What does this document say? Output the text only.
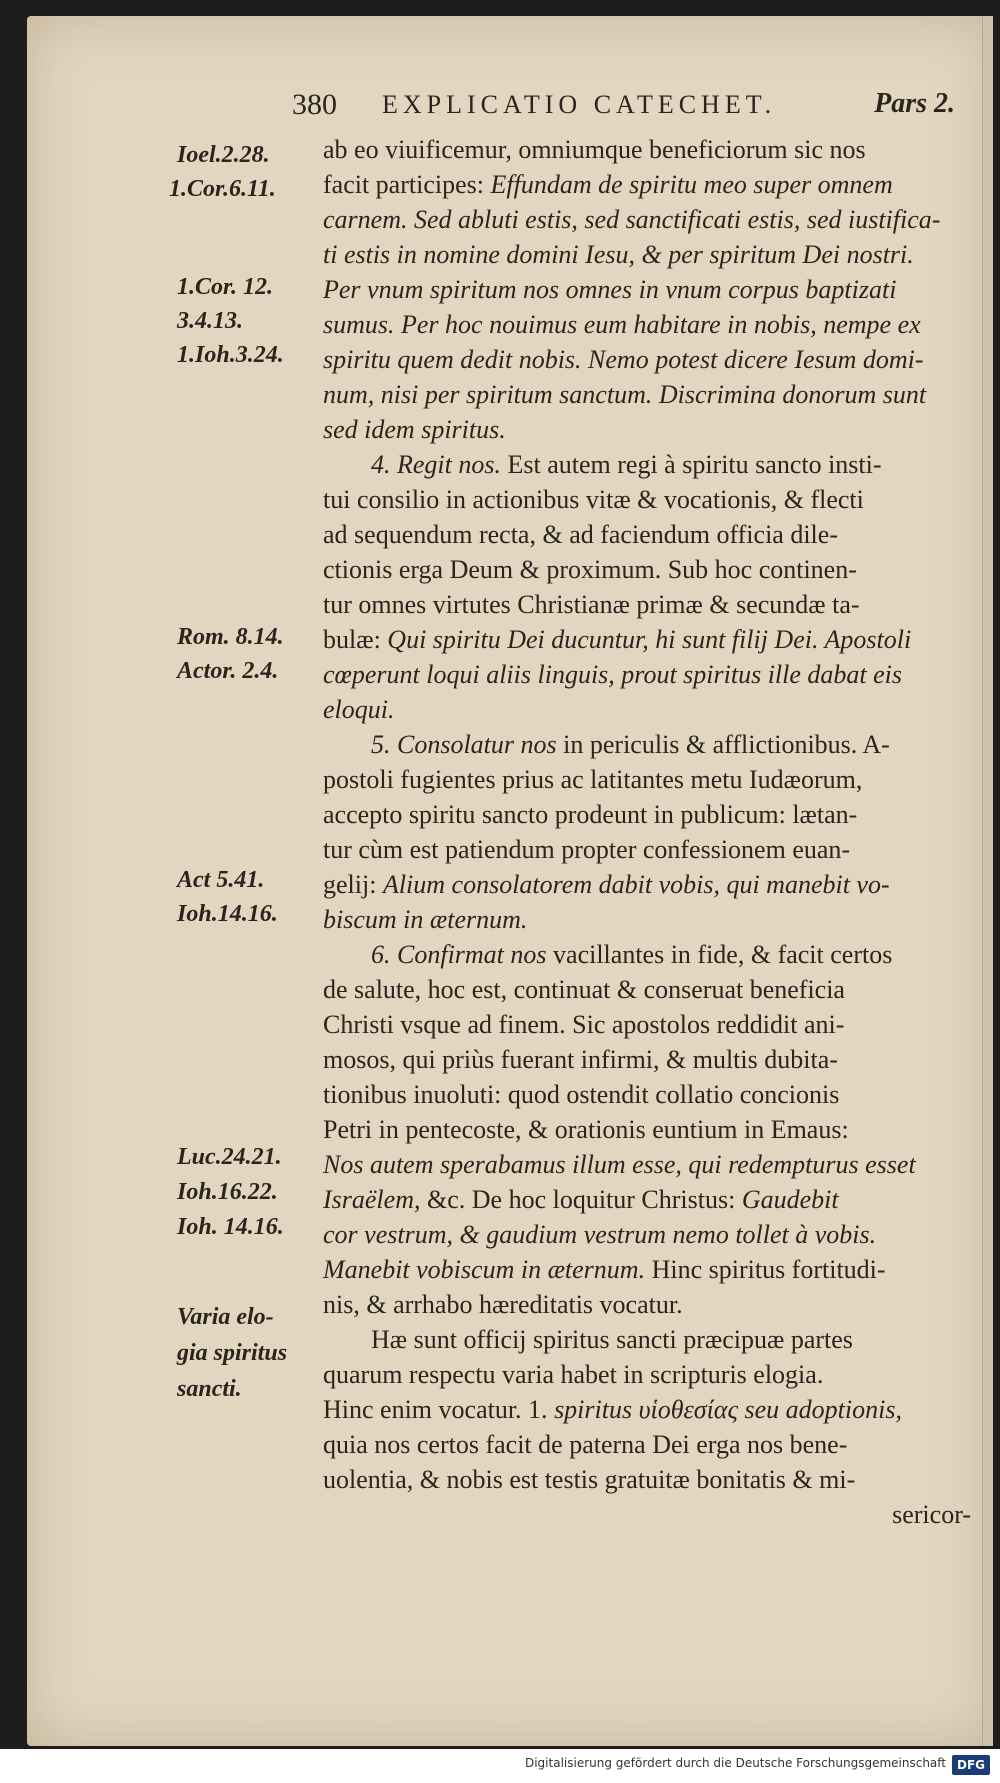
380 EXPLICATIO CATECHET.	Pars 2.
Ioel.2.28.
1.Cor.6.11.
1.Cor. 12.
3.4.13.
1.Ioh.3.24.
Rom. 8.14.
Actor. 2.4.
Act 5.41.
Ioh.14.16.
Luc.24.21.
Ioh.16.22.
Ioh. 14.16.
Varia elo-
gia spiritus
sancti.
ab eo viuificemur, omniumque beneficiorum sic nos
facit participes: Effundam de spiritu meo super omnem
carnem. Sed abluti estis, sed sanctificati estis, sed iustifica-
ti estis in nomine domini Iesu, & per spiritum Dei nostri.
Per vnum spiritum nos omnes in vnum corpus baptizati
sumus. Per hoc nouimus eum habitare in nobis, nempe ex
spiritu quem dedit nobis. Nemo potest dicere Iesum domi-
num, nisi per spiritum sanctum. Discrimina donorum sunt
sed idem spiritus.
4. Regit nos. Est autem regi à spiritu sancto insti-
tui consilio in actionibus vitæ & vocationis, & flecti
ad sequendum recta, & ad faciendum officia dile-
ctionis erga Deum & proximum. Sub hoc continen-
tur omnes virtutes Christianæ primæ & secundæ ta-
bulæ: Qui spiritu Dei ducuntur, hi sunt filij Dei. Apostoli
cœperunt loqui aliis linguis, prout spiritus ille dabat eis
eloqui.
5. Consolatur nos in periculis & afflictionibus. A-
postoli fugientes prius ac latitantes metu Iudæorum,
accepto spiritu sancto prodeunt in publicum: lætan-
tur cùm est patiendum propter confessionem euan-
gelij: Alium consolatorem dabit vobis, qui manebit vo-
biscum in æternum.
6. Confirmat nos vacillantes in fide, & facit certos
de salute, hoc est, continuat & conseruat beneficia
Christi vsque ad finem. Sic apostolos reddidit ani-
mosos, qui priùs fuerant infirmi, & multis dubita-
tionibus inuoluti: quod ostendit collatio concionis
Petri in pentecoste, & orationis euntium in Emaus:
Nos autem sperabamus illum esse, qui redempturus esset
Israëlem, &c. De hoc loquitur Christus: Gaudebit
cor vestrum, & gaudium vestrum nemo tollet à vobis.
Manebit vobiscum in æternum. Hinc spiritus fortitudi-
nis, & arrhabo hæreditatis vocatur.
Hæ sunt officij spiritus sancti præcipuæ partes
quarum respectu varia habet in scripturis elogia.
Hinc enim vocatur. 1. spiritus υἱοθεσίας seu adoptionis,
quia nos certos facit de paterna Dei erga nos bene-
uolentia, & nobis est testis gratuitæ bonitatis & mi-
sericor-
Digitalisierung gefördert durch die Deutsche Forschungsgemeinschaft DFG
